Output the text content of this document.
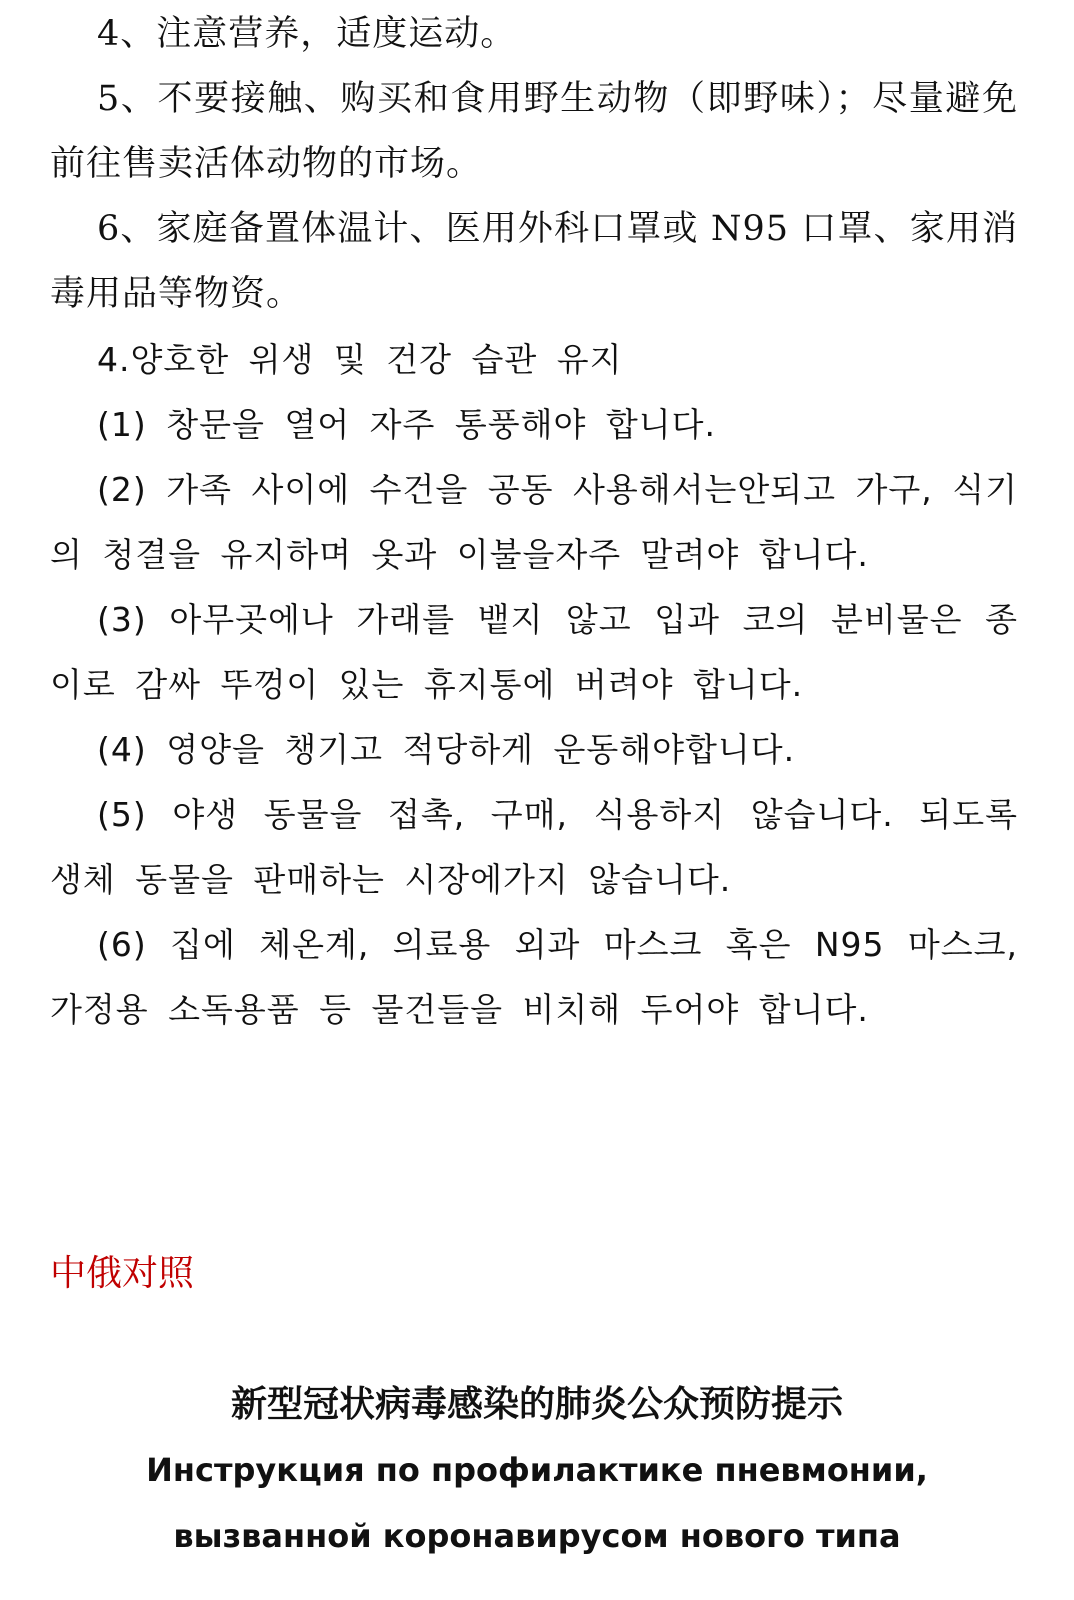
4、注意营养，适度运动。

5、不要接触、购买和食用野生动物（即野味）；尽量避免前往售卖活体动物的市场。

6、家庭备置体温计、医用外科口罩或 N95 口罩、家用消毒用品等物资。

4.양호한 위생 및 건강 습관 유지

(1) 창문을 열어 자주 통풍해야 합니다.

(2) 가족 사이에 수건을 공동 사용해서는안되고 가구, 식기의 청결을 유지하며 옷과 이불을자주 말려야 합니다.

(3) 아무곳에나 가래를 뱉지 않고 입과 코의 분비물은 종이로 감싸 뚜껑이 있는 휴지통에 버려야 합니다.

(4) 영양을 챙기고 적당하게 운동해야합니다.

(5) 야생 동물을 접촉, 구매, 식용하지 않습니다. 되도록 생체 동물을 판매하는 시장에가지 않습니다.

(6) 집에 체온계, 의료용 외과 마스크 혹은 N95 마스크, 가정용 소독용품 등 물건들을 비치해 두어야 합니다.

中俄对照
新型冠状病毒感染的肺炎公众预防提示
Инструкция по профилактике пневмонии,
вызванной коронавирусом нового типа
